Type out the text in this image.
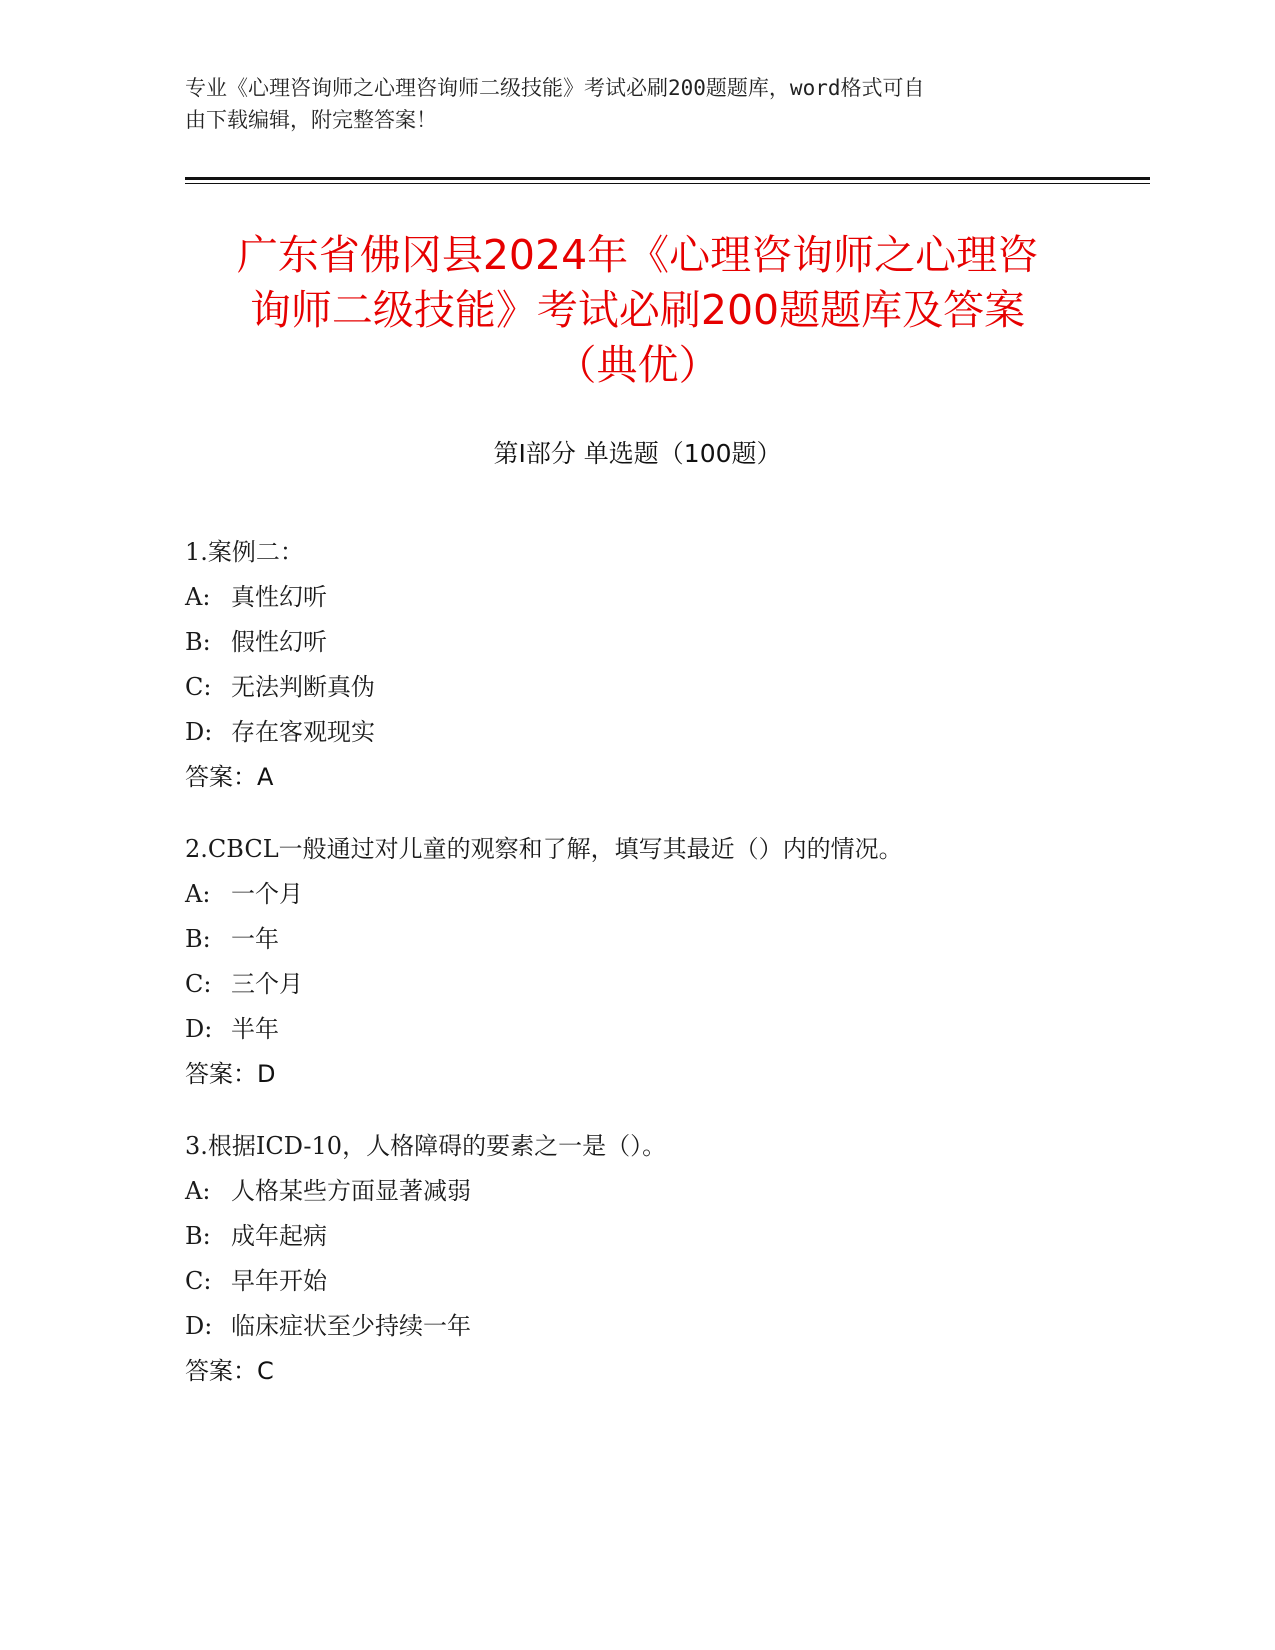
专业《心理咨询师之心理咨询师二级技能》考试必刷200题题库，word格式可自
由下载编辑，附完整答案！
广东省佛冈县2024年《心理咨询师之心理咨
询师二级技能》考试必刷200题题库及答案
（典优）
第Ⅰ部分 单选题（100题）
1.案例二：
A: 真性幻听
B: 假性幻听
C: 无法判断真伪
D: 存在客观现实
答案：A
2.CBCL一般通过对儿童的观察和了解，填写其最近（）内的情况。
A: 一个月
B: 一年
C: 三个月
D: 半年
答案：D
3.根据ICD-10，人格障碍的要素之一是（）。
A: 人格某些方面显著减弱
B: 成年起病
C: 早年开始
D: 临床症状至少持续一年
答案：C
